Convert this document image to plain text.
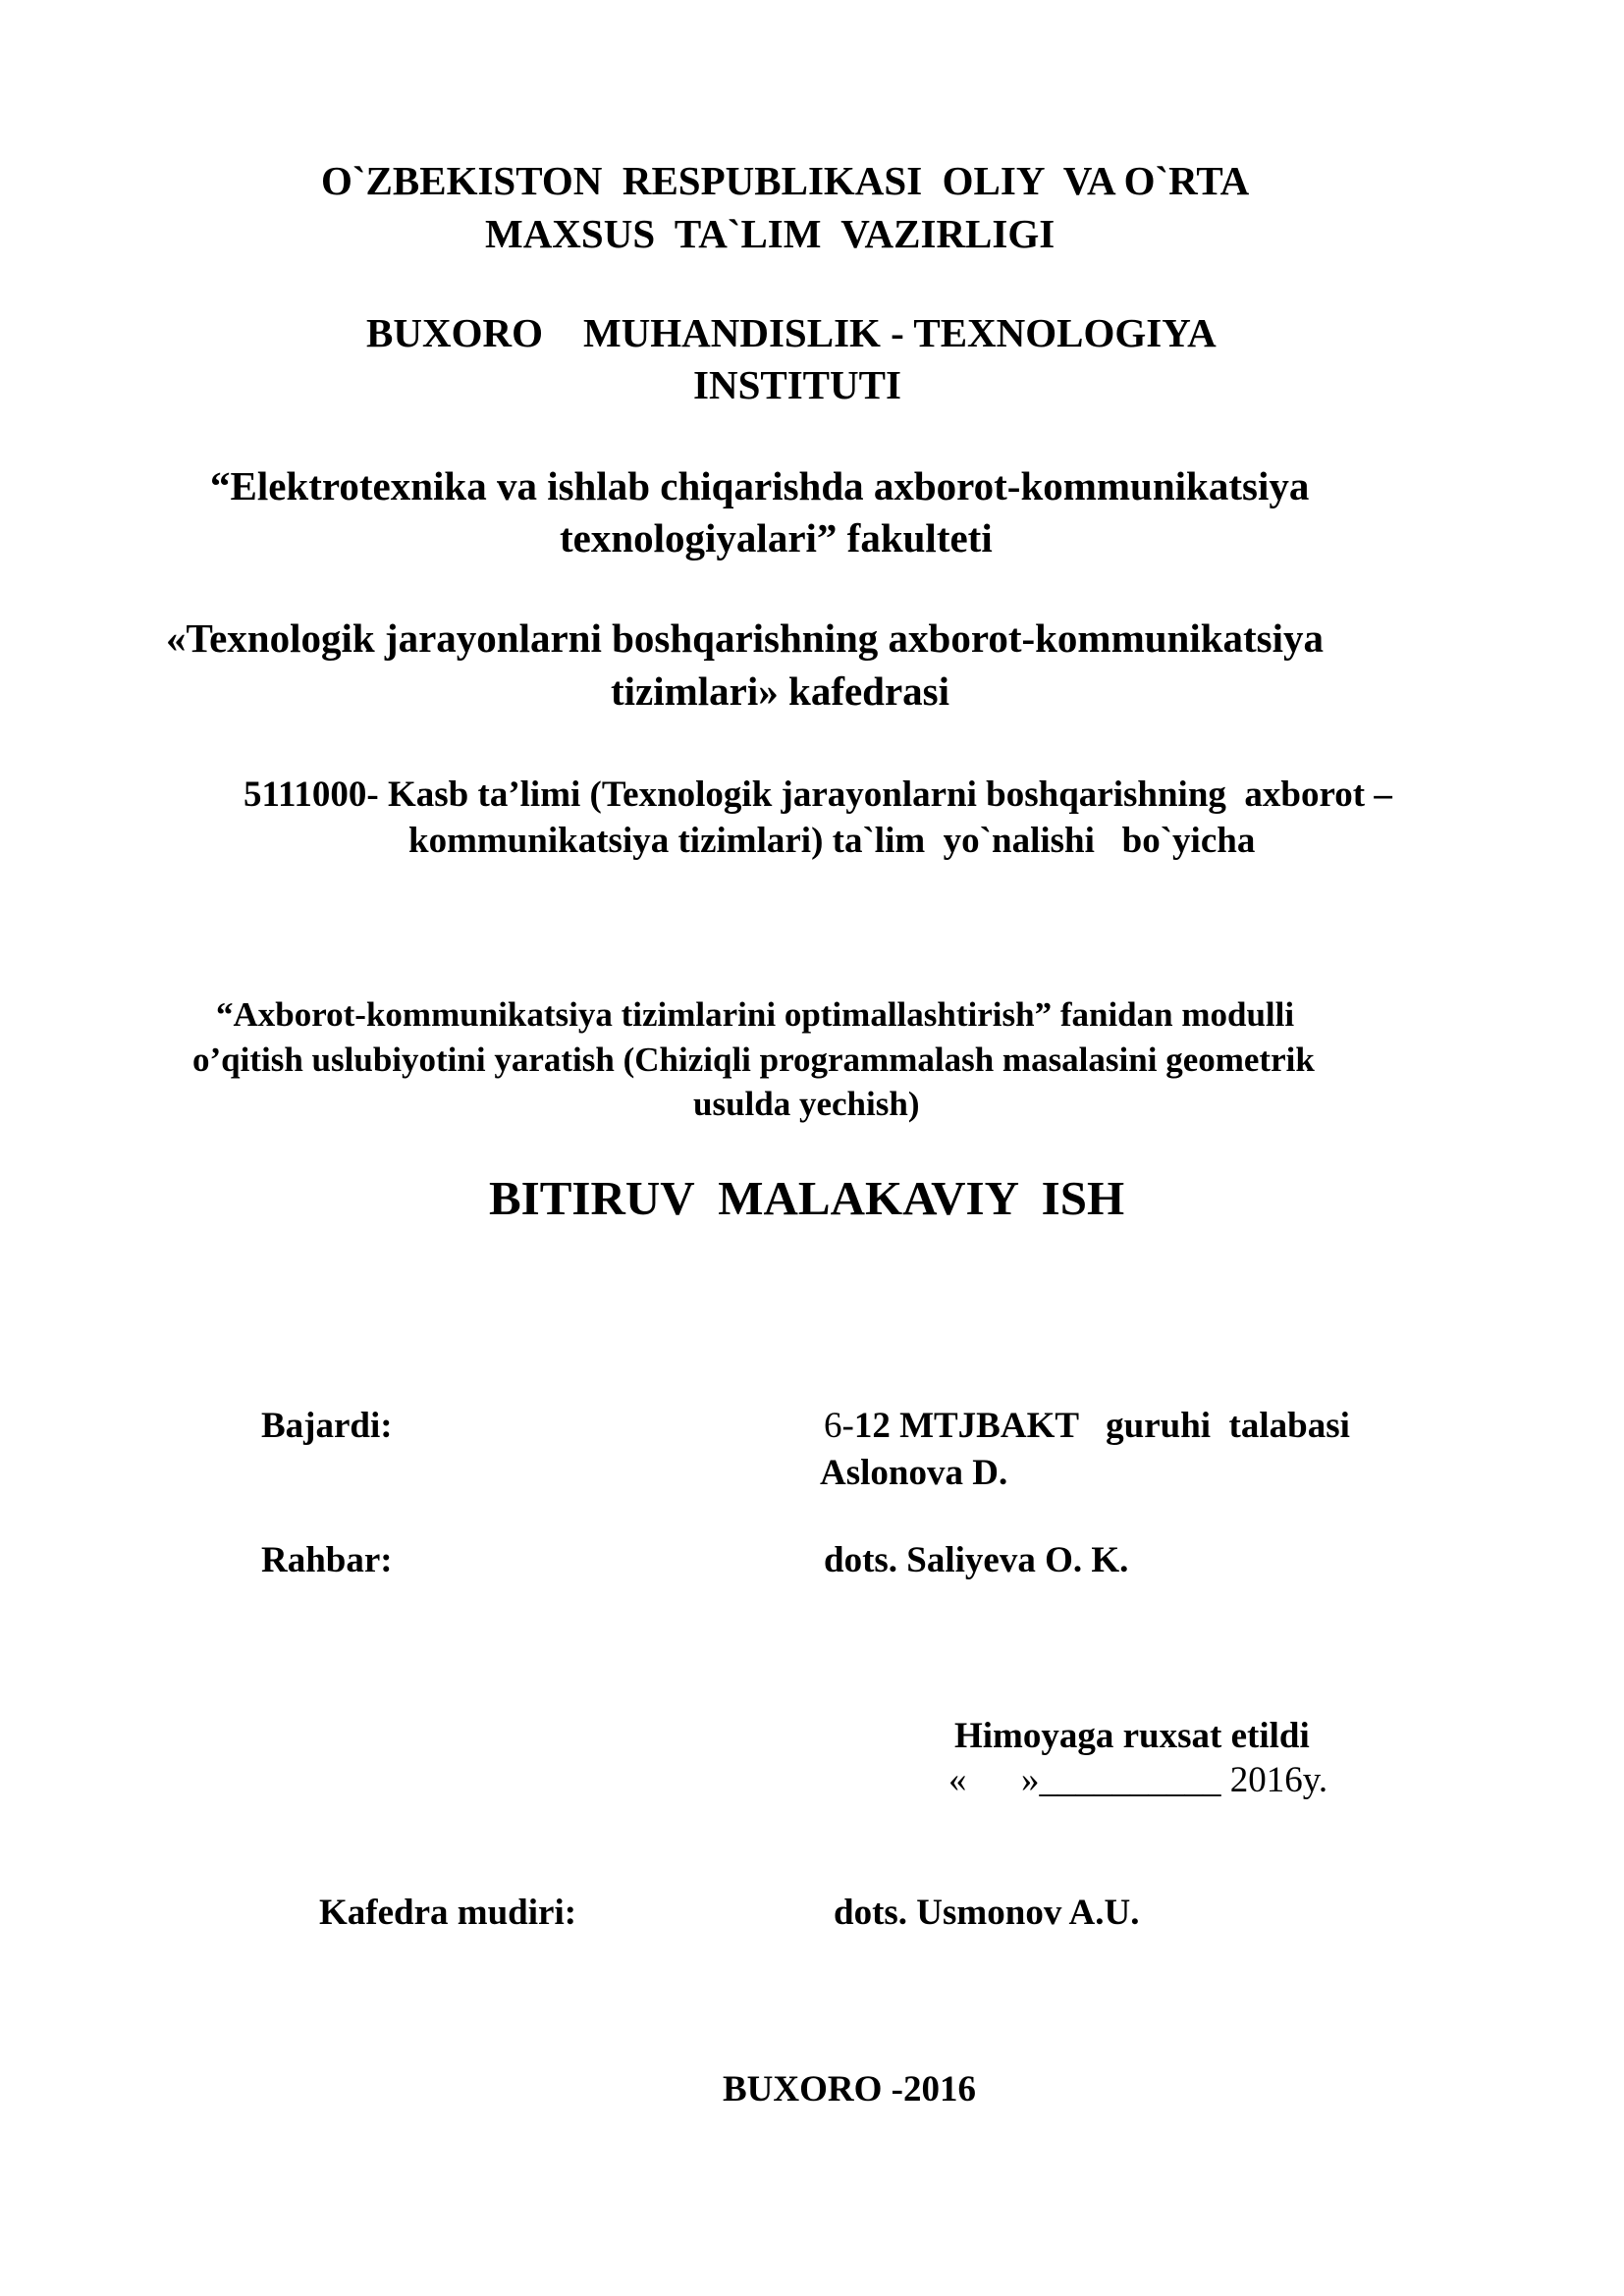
O`ZBEKISTON  RESPUBLIKASI  OLIY  VA O`RTA
MAXSUS  TA`LIM  VAZIRLIGI
BUXORO    MUHANDISLIK - TEXNOLOGIYA
INSTITUTI
“Elektrotexnika va ishlab chiqarishda axborot-kommunikatsiya
texnologiyalari” fakulteti
«Texnologik jarayonlarni boshqarishning axborot-kommunikatsiya
tizimlari» kafedrasi
5111000- Kasb ta’limi (Texnologik jarayonlarni boshqarishning  axborot –
kommunikatsiya tizimlari) ta`lim  yo`nalishi   bo`yicha
“Axborot-kommunikatsiya tizimlarini optimallashtirish” fanidan modulli
o’qitish uslubiyotini yaratish (Chiziqli programmalash masalasini geometrik
usulda yechish)
BITIRUV  MALAKAVIY  ISH
Bajardi:	6-12 MTJBAKT   guruhi  talabasi
Aslonova D.
Rahbar:	dots. Saliyeva O. K.
Himoyaga ruxsat etildi
«      »__________ 2016y.
Kafedra mudiri:	dots. Usmonov A.U.
BUXORO -2016
